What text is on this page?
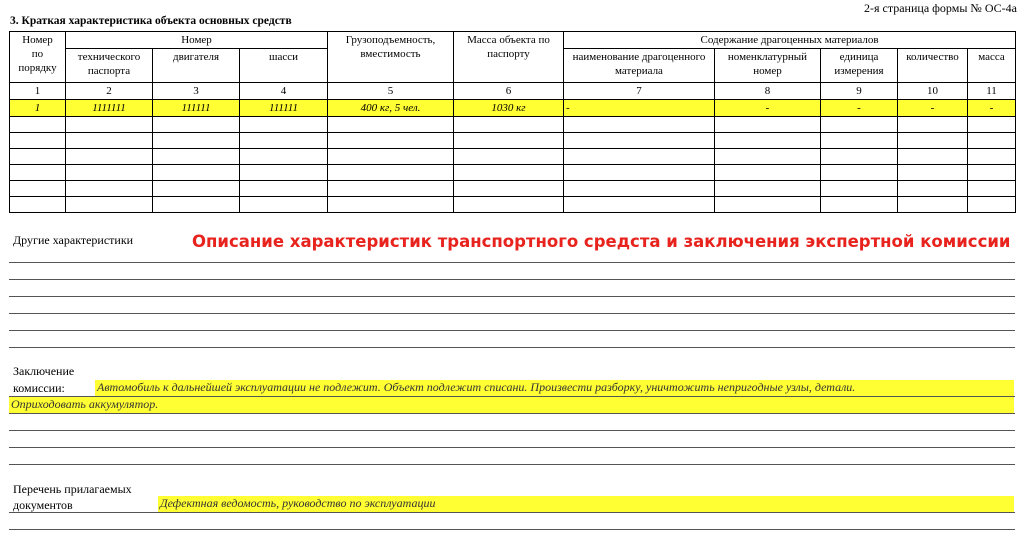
2-я страница формы № ОС-4а
3. Краткая характеристика объекта основных средств
Номер
по
порядку	Номер			Грузоподъемность, вместимость	Масса объекта по паспорту	Содержание драгоценных материалов				

	технического
паспорта	двигателя	шасси			наименование драгоценного материала	номенклатурный номер	единица измерения	количество	масса
1	2	3	4	5	6	7	8	9	10	11
1	1111111	111111	111111	400 кг, 5 чел.	1030 кг	-	-	-	-	-

Другие характеристики	Описание характеристик транспортного средста и заключения экспертной комиссии
Заключение
комиссии:	Автомобиль к дальнейшей эксплуатации не подлежит. Объект подлежит списани. Произвести разборку, уничтожить непригодные узлы, детали.
Оприходовать аккумулятор.
Перечень прилагаемых
документов	Дефектная ведомость, руководство по эксплуатации
